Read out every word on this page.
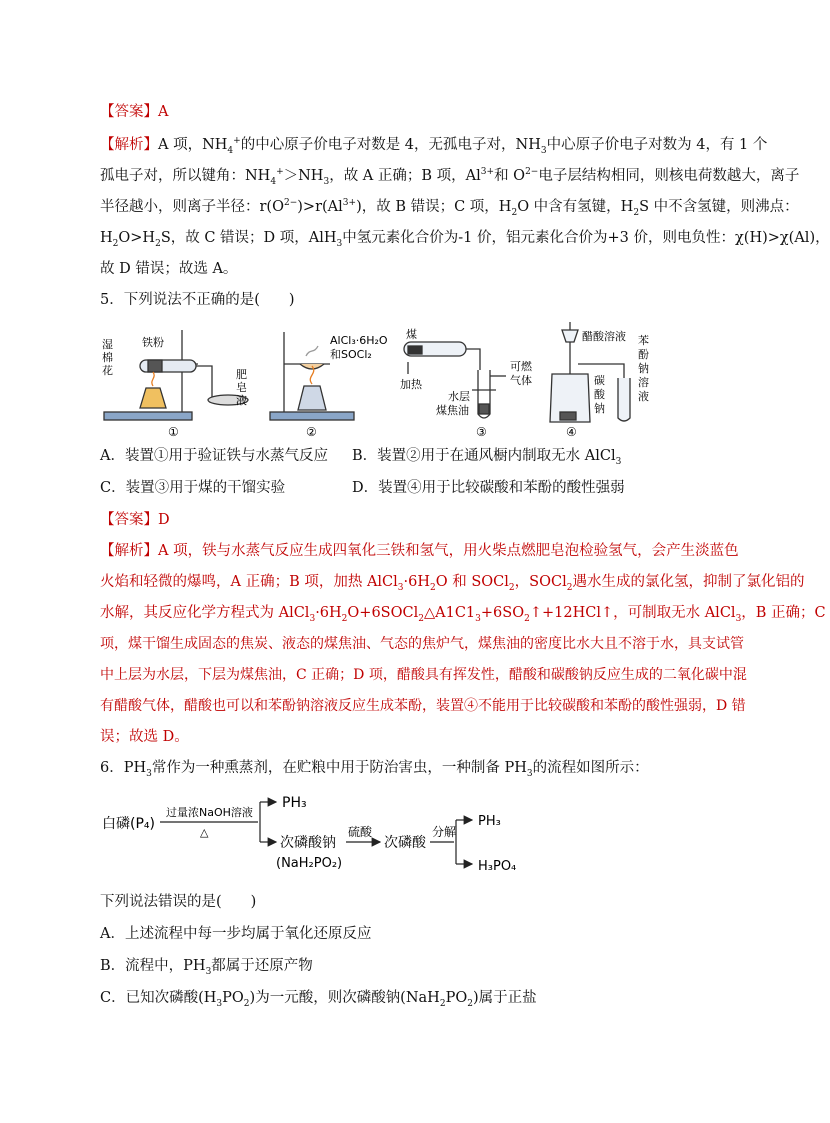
【答案】A
【解析】A 项，$NH_4^+$的中心原子价电子对数是 4，无孤电子对，$NH_3$中心原子价电子对数为 4，有 1 个
孤电子对，所以键角：$NH_4^+>NH_3$，故 A 正确；B 项，$Al^{3+}$和 $O^{2-}$电子层结构相同，则核电荷数越大，离子
半径越小，则离子半径：$r(O^{2-})>r(Al^{3+})$，故 B 错误；C 项，$H_2O$ 中含有氢键，$H_2S$ 中不含氢键，则沸点：
$H_2O>H_2S$，故 C 错误；D 项，AlH$_3$中氢元素化合价为-1 价，铝元素化合价为+3 价，则电负性：χ(H)>χ(Al)，
故 D 错误；故选 A。
5．下列说法不正确的是(　　)
湿
棉
花
铁粉
肥
皂
液
①
AlCl₃·6H₂O
和SOCl₂
②
煤
加热
可燃
气体
水层
煤焦油
③
醋酸溶液
碳
酸
钠
苯
酚
钠
溶
液
④
A．装置①用于验证铁与水蒸气反应 B．装置②用于在通风橱内制取无水 AlCl$_3$
C．装置③用于煤的干馏实验	D．装置④用于比较碳酸和苯酚的酸性强弱
【答案】D
【解析】A 项，铁与水蒸气反应生成四氧化三铁和氢气，用火柴点燃肥皂泡检验氢气，会产生淡蓝色
火焰和轻微的爆鸣，A 正确；B 项，加热 $AlCl_3\cdot 6H_2O$ 和 SOCl$_2$，SOCl$_2$遇水生成的氯化氢，抑制了氯化铝的
水解，其反应化学方程式为 $AlCl_3\cdot 6H_2O+6SOCl_2\triangle A1C1_3+6SO_2↑+12HCl↑$，可制取无水 AlCl$_3$，B 正确；C
项，煤干馏生成固态的焦炭、液态的煤焦油、气态的焦炉气，煤焦油的密度比水大且不溶于水，具支试管
中上层为水层，下层为煤焦油，C 正确；D 项，醋酸具有挥发性，醋酸和碳酸钠反应生成的二氧化碳中混
有醋酸气体，醋酸也可以和苯酚钠溶液反应生成苯酚，装置④不能用于比较碳酸和苯酚的酸性强弱，D 错
误；故选 D。
6．$PH_3$常作为一种熏蒸剂，在贮粮中用于防治害虫，一种制备 $PH_3$的流程如图所示：
白磷(P₄)
过量浓NaOH溶液
△
PH₃
次磷酸钠
(NaH₂PO₂)
硫酸
次磷酸
分解
PH₃
H₃PO₄
下列说法错误的是(　　)
A．上述流程中每一步均属于氧化还原反应
B．流程中，$PH_3$都属于还原产物
C．已知次磷酸$(H_3PO_2)$为一元酸，则次磷酸钠$(NaH_2PO_2)$属于正盐
